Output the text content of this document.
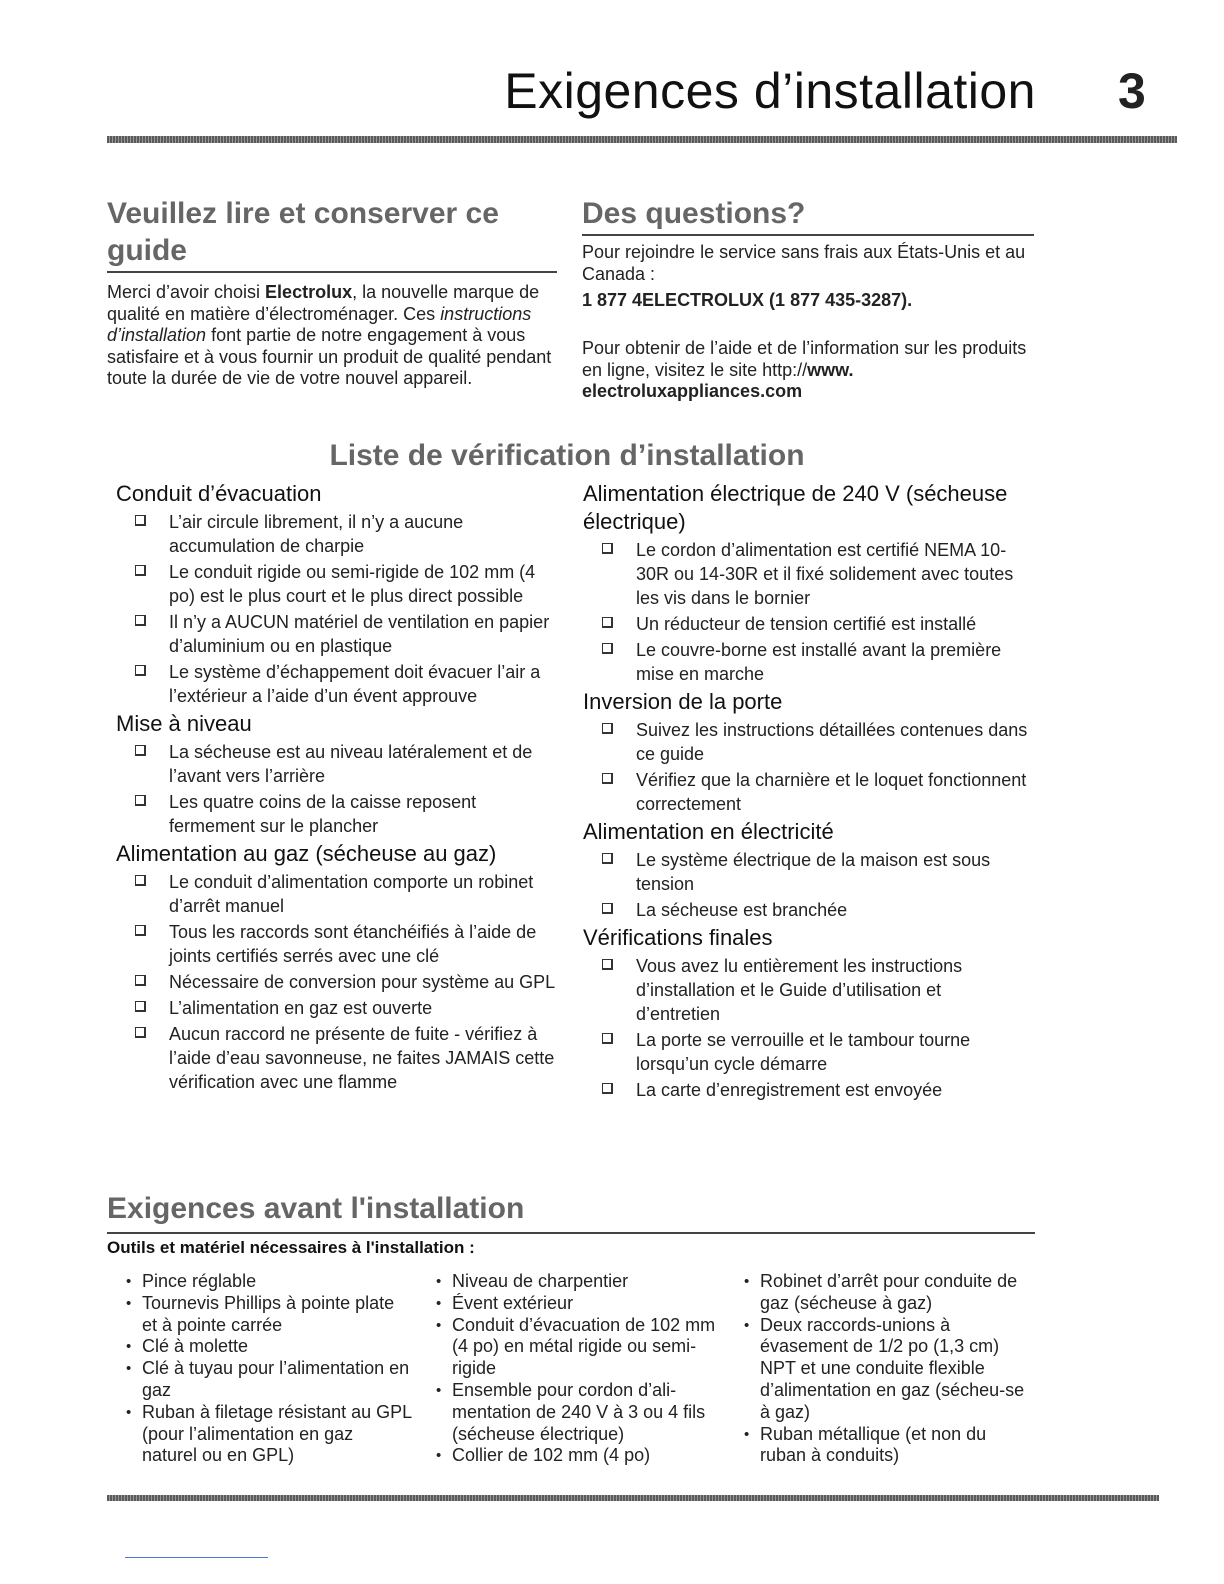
Exigences d’installation 3
Veuillez lire et conserver ce guide
Merci d’avoir choisi Electrolux, la nouvelle marque de qualité en matière d’électroménager. Ces instructions d’installation font partie de notre engagement à vous satisfaire et à vous fournir un produit de qualité pendant toute la durée de vie de votre nouvel appareil.
Des questions?
Pour rejoindre le service sans frais aux États-Unis et au Canada :
1 877 4ELECTROLUX (1 877 435-3287).
Pour obtenir de l’aide et de l’information sur les produits en ligne, visitez le site http://www. electroluxappliances.com
Liste de vérification d’installation
Conduit d’évacuation
L’air circule librement, il n’y a aucune accumulation de charpie
Le conduit rigide ou semi-rigide de 102 mm (4 po) est le plus court et le plus direct possible
Il n’y a AUCUN matériel de ventilation en papier d’aluminium ou en plastique
Le système d’échappement doit évacuer l’air a l’extérieur a l’aide d’un évent approuve
Mise à niveau
La sécheuse est au niveau latéralement et de l’avant vers l’arrière
Les quatre coins de la caisse reposent fermement sur le plancher
Alimentation au gaz (sécheuse au gaz)
Le conduit d’alimentation comporte un robinet d’arrêt manuel
Tous les raccords sont étanchéifiés à l’aide de joints certifiés serrés avec une clé
Nécessaire de conversion pour système au GPL
L’alimentation en gaz est ouverte
Aucun raccord ne présente de fuite - vérifiez à l’aide d’eau savonneuse, ne faites JAMAIS cette vérification avec une flamme
Alimentation électrique de 240 V (sécheuse électrique)
Le cordon d’alimentation est certifié NEMA 10-30R ou 14-30R et il fixé solidement avec toutes les vis dans le bornier
Un réducteur de tension certifié est installé
Le couvre-borne est installé avant la première mise en marche
Inversion de la porte
Suivez les instructions détaillées contenues dans ce guide
Vérifiez que la charnière et le loquet fonctionnent correctement
Alimentation en électricité
Le système électrique de la maison est sous tension
La sécheuse est branchée
Vérifications finales
Vous avez lu entièrement les instructions d’installation et le Guide d’utilisation et d’entretien
La porte se verrouille et le tambour tourne lorsqu’un cycle démarre
La carte d’enregistrement est envoyée
Exigences avant l'installation
Outils et matériel nécessaires à l'installation :
• Pince réglable
• Tournevis Phillips à pointe plate et à pointe carrée
• Clé à molette
• Clé à tuyau pour l’alimentation en gaz
• Ruban à filetage résistant au GPL (pour l’alimentation en gaz naturel ou en GPL)
• Niveau de charpentier
• Évent extérieur
• Conduit d’évacuation de 102 mm (4 po) en métal rigide ou semi-rigide
• Ensemble pour cordon d’ali-mentation de 240 V à 3 ou 4 fils (sécheuse électrique)
• Collier de 102 mm (4 po)
• Robinet d’arrêt pour conduite de gaz (sécheuse à gaz)
• Deux raccords-unions à évasement de 1/2 po (1,3 cm) NPT et une conduite flexible d’alimentation en gaz (sécheu-se à gaz)
• Ruban métallique (et non du ruban à conduits)
